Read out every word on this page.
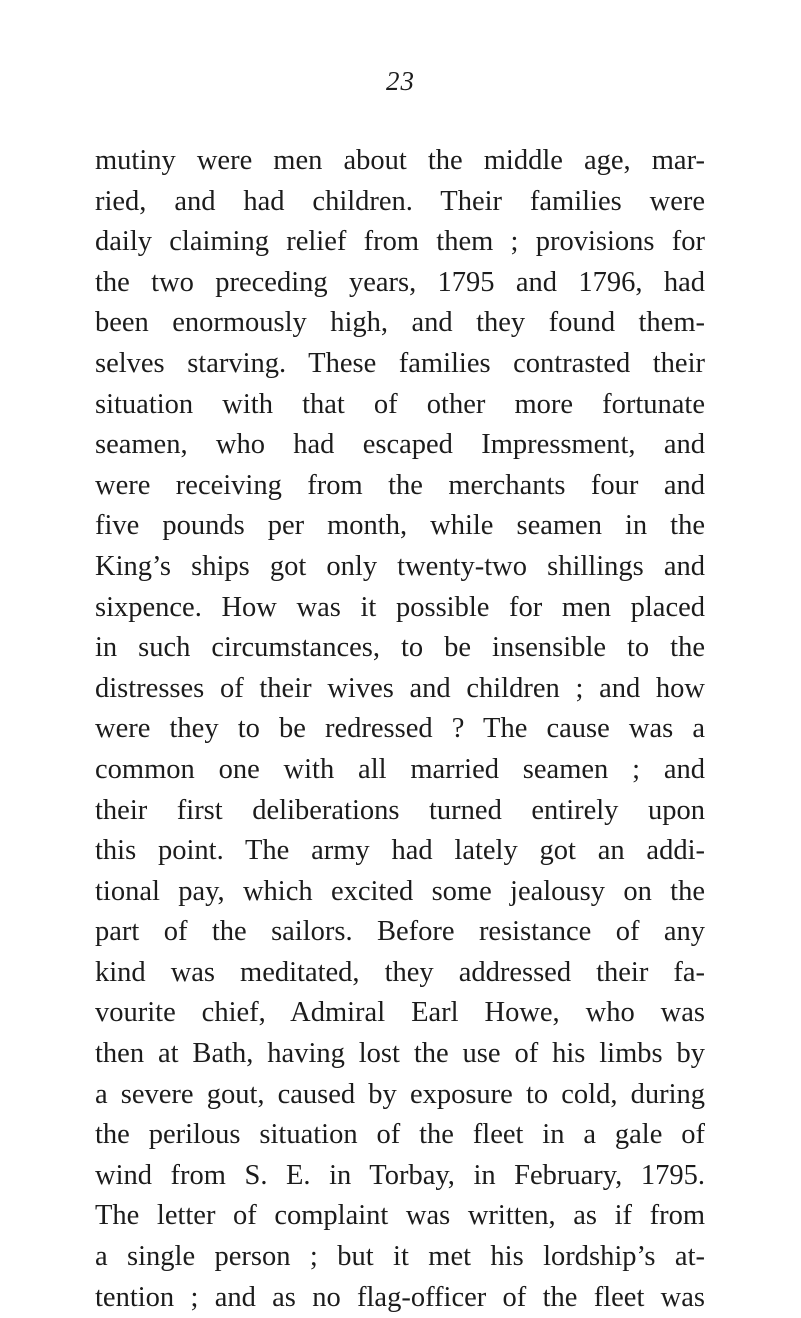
23
mutiny were men about the middle age, mar-
ried, and had children. Their families were
daily claiming relief from them ; provisions for
the two preceding years, 1795 and 1796, had
been enormously high, and they found them-
selves starving. These families contrasted their
situation with that of other more fortunate
seamen, who had escaped Impressment, and
were receiving from the merchants four and
five pounds per month, while seamen in the
King’s ships got only twenty-two shillings and
sixpence. How was it possible for men placed
in such circumstances, to be insensible to the
distresses of their wives and children ; and how
were they to be redressed ? The cause was a
common one with all married seamen ; and
their first deliberations turned entirely upon
this point. The army had lately got an addi-
tional pay, which excited some jealousy on the
part of the sailors. Before resistance of any
kind was meditated, they addressed their fa-
vourite chief, Admiral Earl Howe, who was
then at Bath, having lost the use of his limbs by
a severe gout, caused by exposure to cold, during
the perilous situation of the fleet in a gale of
wind from S. E. in Torbay, in February, 1795.
The letter of complaint was written, as if from
a single person ; but it met his lordship’s at-
tention ; and as no flag-officer of the fleet was
